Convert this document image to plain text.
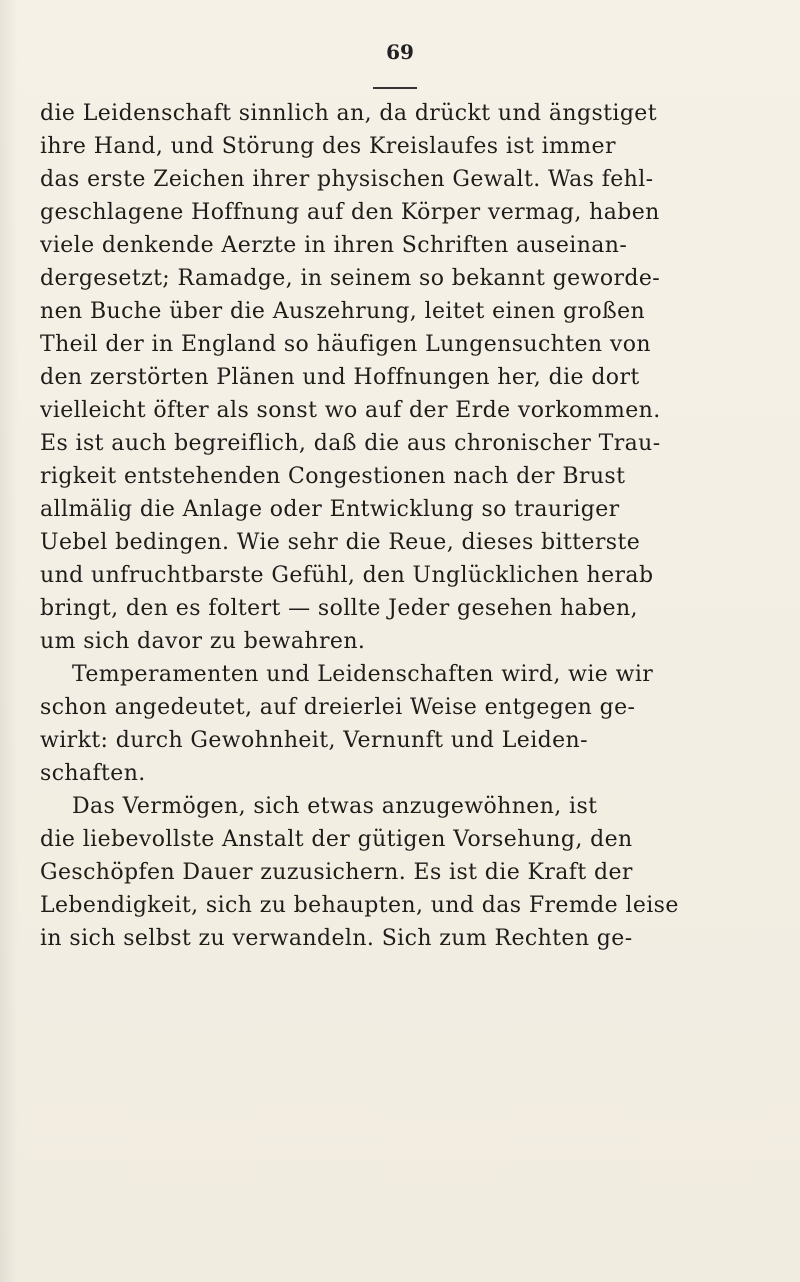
69
die Leidenschaft sinnlich an, da drückt und ängstiget
ihre Hand, und Störung des Kreislaufes ist immer
das erste Zeichen ihrer physischen Gewalt. Was fehl-
geschlagene Hoffnung auf den Körper vermag, haben
viele denkende Aerzte in ihren Schriften auseinan-
dergesetzt; Ramadge, in seinem so bekannt geworde-
nen Buche über die Auszehrung, leitet einen großen
Theil der in England so häufigen Lungensuchten von
den zerstörten Plänen und Hoffnungen her, die dort
vielleicht öfter als sonst wo auf der Erde vorkommen.
Es ist auch begreiflich, daß die aus chronischer Trau-
rigkeit entstehenden Congestionen nach der Brust
allmälig die Anlage oder Entwicklung so trauriger
Uebel bedingen. Wie sehr die Reue, dieses bitterste
und unfruchtbarste Gefühl, den Unglücklichen herab
bringt, den es foltert — sollte Jeder gesehen haben,
um sich davor zu bewahren.
Temperamenten und Leidenschaften wird, wie wir
schon angedeutet, auf dreierlei Weise entgegen ge-
wirkt: durch Gewohnheit, Vernunft und Leiden-
schaften.
Das Vermögen, sich etwas anzugewöhnen, ist
die liebevollste Anstalt der gütigen Vorsehung, den
Geschöpfen Dauer zuzusichern. Es ist die Kraft der
Lebendigkeit, sich zu behaupten, und das Fremde leise
in sich selbst zu verwandeln. Sich zum Rechten ge-
